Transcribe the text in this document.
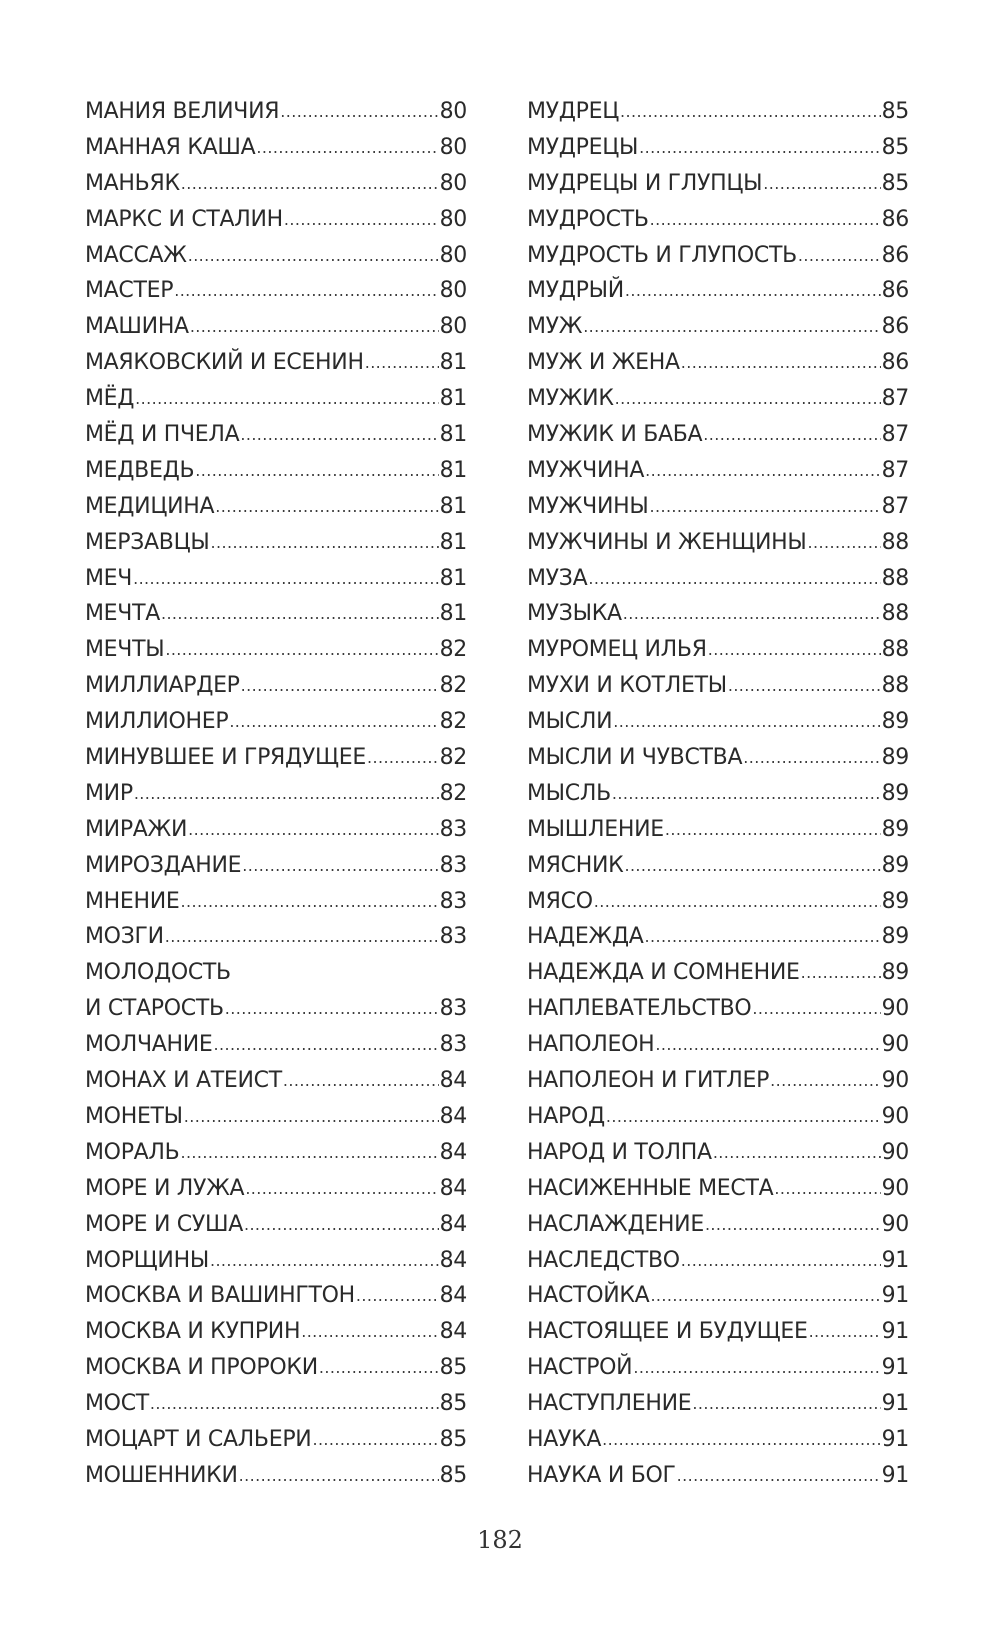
МАНИЯ ВЕЛИЧИЯ .....	80
МАННАЯ КАША .....	80
МАНЬЯК .....	80
МАРКС И СТАЛИН .....	80
МАССАЖ .....	80
МАСТЕР .....	80
МАШИНА .....	80
МАЯКОВСКИЙ И ЕСЕНИН .....	81
МЁД .....	81
МЁД И ПЧЕЛА .....	81
МЕДВЕДЬ .....	81
МЕДИЦИНА .....	81
МЕРЗАВЦЫ .....	81
МЕЧ .....	81
МЕЧТА .....	81
МЕЧТЫ .....	82
МИЛЛИАРДЕР .....	82
МИЛЛИОНЕР .....	82
МИНУВШЕЕ И ГРЯДУЩЕЕ .....	82
МИР .....	82
МИРАЖИ .....	83
МИРОЗДАНИЕ .....	83
МНЕНИЕ .....	83
МОЗГИ .....	83
МОЛОДОСТЬ
И СТАРОСТЬ .....	83
МОЛЧАНИЕ .....	83
МОНАХ И АТЕИСТ .....	84
МОНЕТЫ .....	84
МОРАЛЬ .....	84
МОРЕ И ЛУЖА .....	84
МОРЕ И СУША .....	84
МОРЩИНЫ .....	84
МОСКВА И ВАШИНГТОН .....	84
МОСКВА И КУПРИН .....	84
МОСКВА И ПРОРОКИ .....	85
МОСТ .....	85
МОЦАРТ И САЛЬЕРИ .....	85
МОШЕННИКИ .....	85
МУДРЕЦ .....	85
МУДРЕЦЫ .....	85
МУДРЕЦЫ И ГЛУПЦЫ .....	85
МУДРОСТЬ .....	86
МУДРОСТЬ И ГЛУПОСТЬ .....	86
МУДРЫЙ .....	86
МУЖ .....	86
МУЖ И ЖЕНА .....	86
МУЖИК .....	87
МУЖИК И БАБА .....	87
МУЖЧИНА .....	87
МУЖЧИНЫ .....	87
МУЖЧИНЫ И ЖЕНЩИНЫ .....	88
МУЗА .....	88
МУЗЫКА .....	88
МУРОМЕЦ ИЛЬЯ .....	88
МУХИ И КОТЛЕТЫ .....	88
МЫСЛИ .....	89
МЫСЛИ И ЧУВСТВА .....	89
МЫСЛЬ .....	89
МЫШЛЕНИЕ .....	89
МЯСНИК .....	89
МЯСО .....	89
НАДЕЖДА .....	89
НАДЕЖДА И СОМНЕНИЕ .....	89
НАПЛЕВАТЕЛЬСТВО .....	90
НАПОЛЕОН .....	90
НАПОЛЕОН И ГИТЛЕР .....	90
НАРОД .....	90
НАРОД И ТОЛПА .....	90
НАСИЖЕННЫЕ МЕСТА .....	90
НАСЛАЖДЕНИЕ .....	90
НАСЛЕДСТВО .....	91
НАСТОЙКА .....	91
НАСТОЯЩЕЕ И БУДУЩЕЕ .....	91
НАСТРОЙ .....	91
НАСТУПЛЕНИЕ .....	91
НАУКА .....	91
НАУКА И БОГ .....	91
182
